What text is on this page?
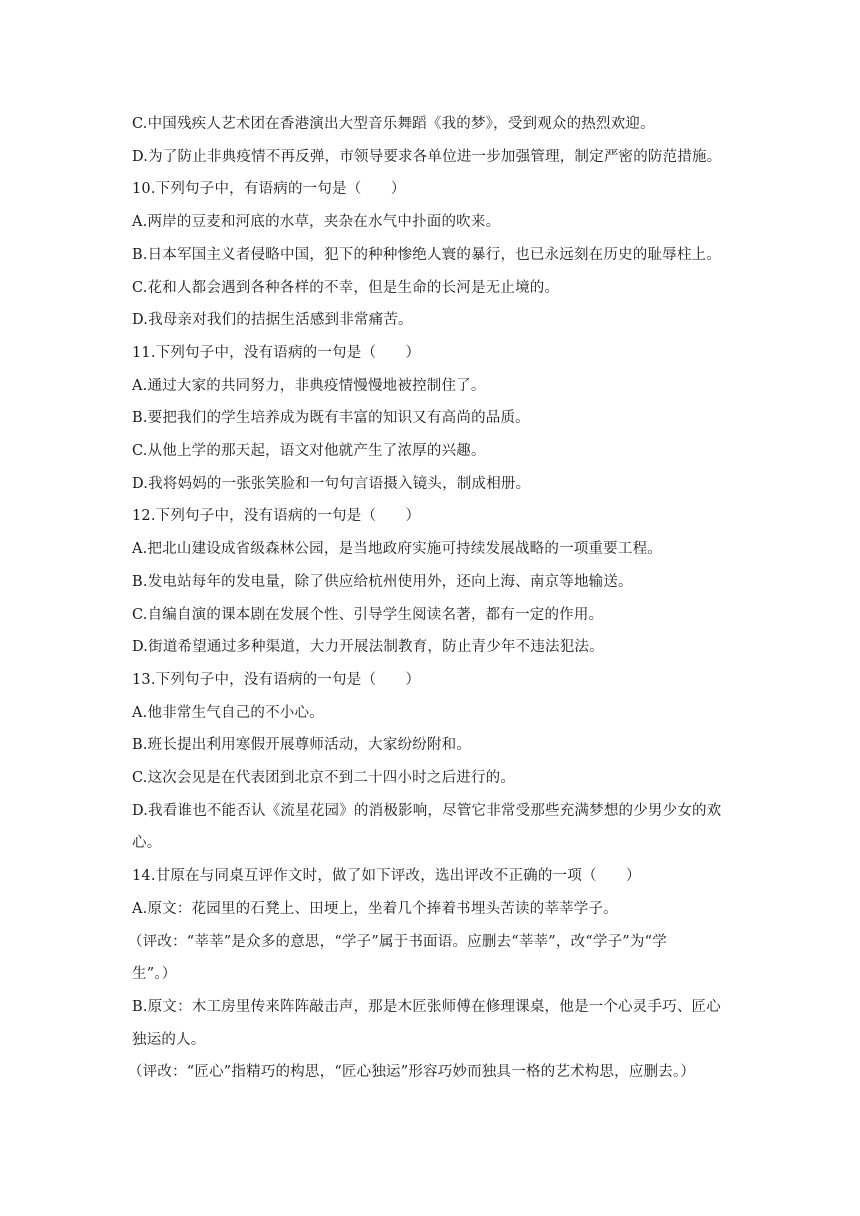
C.中国残疾人艺术团在香港演出大型音乐舞蹈《我的梦》，受到观众的热烈欢迎。
D.为了防止非典疫情不再反弹，市领导要求各单位进一步加强管理，制定严密的防范措施。
10.下列句子中，有语病的一句是（　　）
A.两岸的豆麦和河底的水草，夹杂在水气中扑面的吹来。
B.日本军国主义者侵略中国，犯下的种种惨绝人寰的暴行，也已永远刻在历史的耻辱柱上。
C.花和人都会遇到各种各样的不幸，但是生命的长河是无止境的。
D.我母亲对我们的拮据生活感到非常痛苦。
11.下列句子中，没有语病的一句是（　　）
A.通过大家的共同努力，非典疫情慢慢地被控制住了。
B.要把我们的学生培养成为既有丰富的知识又有高尚的品质。
C.从他上学的那天起，语文对他就产生了浓厚的兴趣。
D.我将妈妈的一张张笑脸和一句句言语摄入镜头，制成相册。
12.下列句子中，没有语病的一句是（　　）
A.把北山建设成省级森林公园，是当地政府实施可持续发展战略的一项重要工程。
B.发电站每年的发电量，除了供应给杭州使用外，还向上海、南京等地输送。
C.自编自演的课本剧在发展个性、引导学生阅读名著，都有一定的作用。
D.街道希望通过多种渠道，大力开展法制教育，防止青少年不违法犯法。
13.下列句子中，没有语病的一句是（　　）
A.他非常生气自己的不小心。
B.班长提出利用寒假开展尊师活动，大家纷纷附和。
C.这次会见是在代表团到北京不到二十四小时之后进行的。
D.我看谁也不能否认《流星花园》的消极影响，尽管它非常受那些充满梦想的少男少女的欢
心。
14.甘原在与同桌互评作文时，做了如下评改，选出评改不正确的一项（　　）
A.原文：花园里的石凳上、田埂上，坐着几个捧着书埋头苦读的莘莘学子。
（评改：“莘莘”是众多的意思，“学子”属于书面语。应删去“莘莘”，改“学子”为“学
生”。）
B.原文：木工房里传来阵阵敲击声，那是木匠张师傅在修理课桌，他是一个心灵手巧、匠心
独运的人。
（评改：“匠心”指精巧的构思，“匠心独运”形容巧妙而独具一格的艺术构思，应删去。）
